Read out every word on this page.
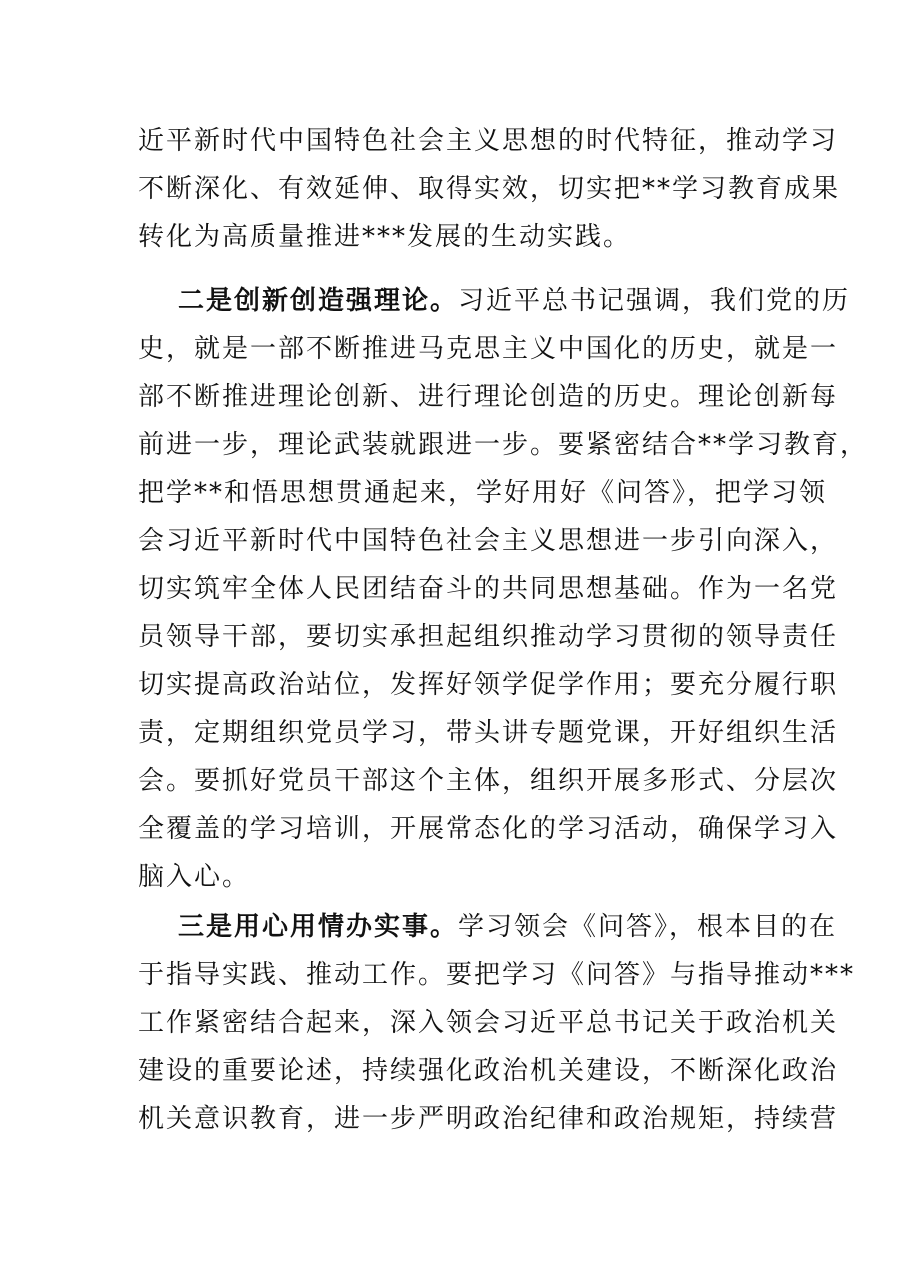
近平新时代中国特色社会主义思想的时代特征，推动学习
不断深化、有效延伸、取得实效，切实把**学习教育成果
转化为高质量推进***发展的生动实践。
二是创新创造强理论。习近平总书记强调，我们党的历
史，就是一部不断推进马克思主义中国化的历史，就是一
部不断推进理论创新、进行理论创造的历史。理论创新每
前进一步，理论武装就跟进一步。要紧密结合**学习教育，
把学**和悟思想贯通起来，学好用好《问答》，把学习领
会习近平新时代中国特色社会主义思想进一步引向深入，
切实筑牢全体人民团结奋斗的共同思想基础。作为一名党
员领导干部，要切实承担起组织推动学习贯彻的领导责任
切实提高政治站位，发挥好领学促学作用；要充分履行职
责，定期组织党员学习，带头讲专题党课，开好组织生活
会。要抓好党员干部这个主体，组织开展多形式、分层次
全覆盖的学习培训，开展常态化的学习活动，确保学习入
脑入心。
三是用心用情办实事。学习领会《问答》，根本目的在
于指导实践、推动工作。要把学习《问答》与指导推动***
工作紧密结合起来，深入领会习近平总书记关于政治机关
建设的重要论述，持续强化政治机关建设，不断深化政治
机关意识教育，进一步严明政治纪律和政治规矩，持续营
